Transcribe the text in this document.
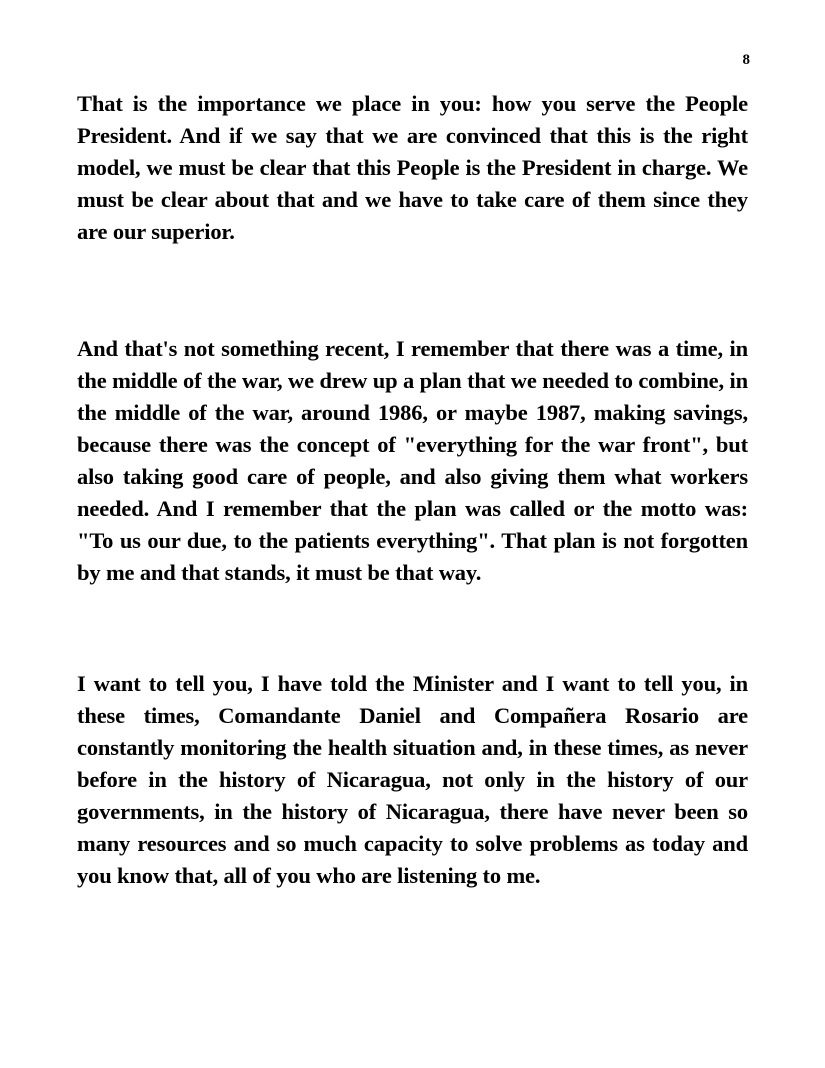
8

That is the importance we place in you: how you serve the People President. And if we say that we are convinced that this is the right model, we must be clear that this People is the President in charge. We must be clear about that and we have to take care of them since they are our superior.

And that's not something recent, I remember that there was a time, in the middle of the war, we drew up a plan that we needed to combine, in the middle of the war, around 1986, or maybe 1987, making savings, because there was the concept of "everything for the war front", but also taking good care of people, and also giving them what workers needed. And I remember that the plan was called or the motto was: "To us our due, to the patients everything". That plan is not forgotten by me and that stands, it must be that way.

I want to tell you, I have told the Minister and I want to tell you, in these times, Comandante Daniel and Compañera Rosario are constantly monitoring the health situation and, in these times, as never before in the history of Nicaragua, not only in the history of our governments, in the history of Nicaragua, there have never been so many resources and so much capacity to solve problems as today and you know that, all of you who are listening to me.
